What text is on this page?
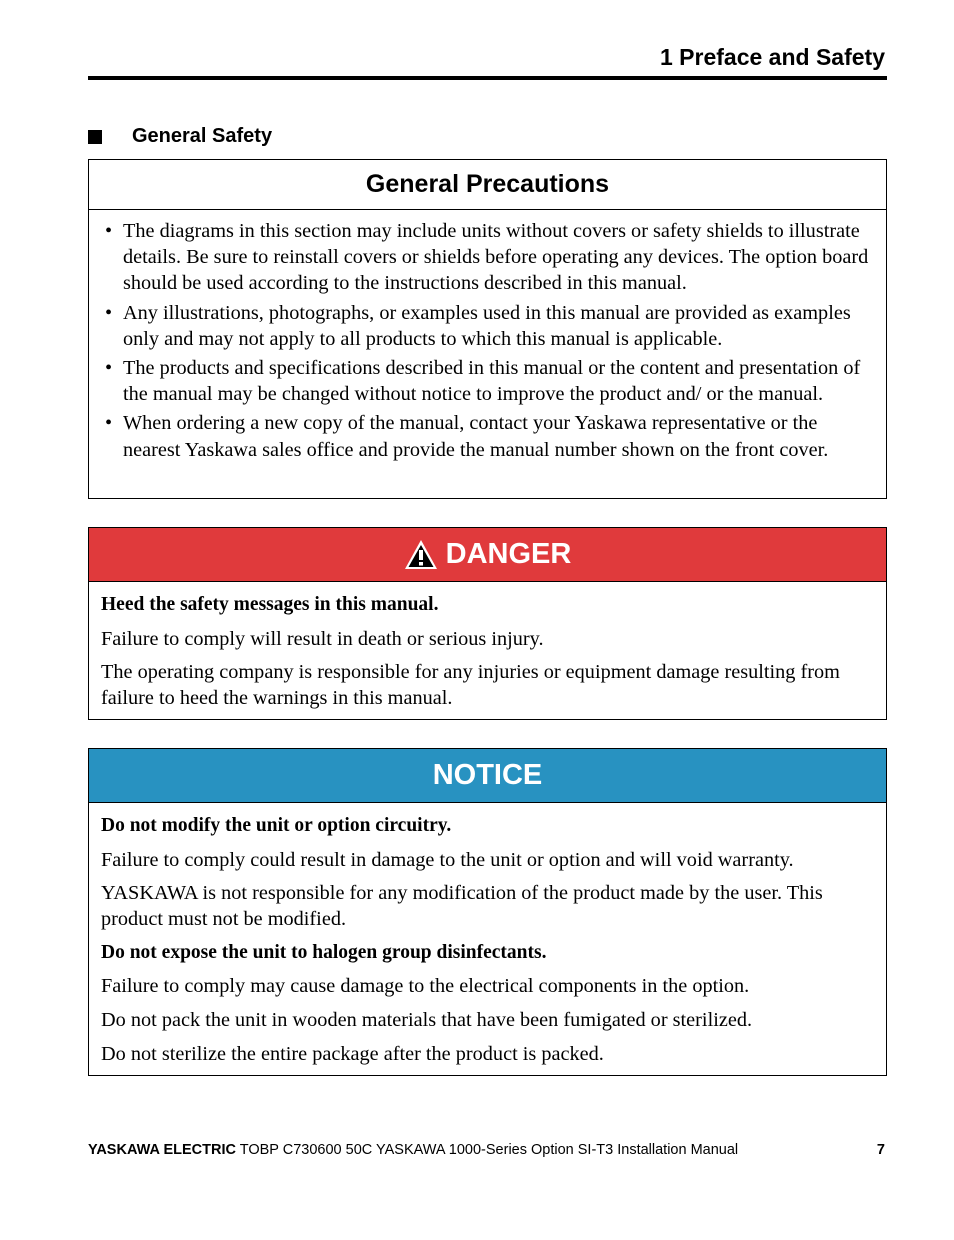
1 Preface and Safety
General Safety
General Precautions
• The diagrams in this section may include units without covers or safety shields to illustrate details. Be sure to reinstall covers or shields before operating any devices. The option board should be used according to the instructions described in this manual.
• Any illustrations, photographs, or examples used in this manual are provided as examples only and may not apply to all products to which this manual is applicable.
• The products and specifications described in this manual or the content and presentation of the manual may be changed without notice to improve the product and/ or the manual.
• When ordering a new copy of the manual, contact your Yaskawa representative or the nearest Yaskawa sales office and provide the manual number shown on the front cover.
DANGER

Heed the safety messages in this manual.

Failure to comply will result in death or serious injury.

The operating company is responsible for any injuries or equipment damage resulting from failure to heed the warnings in this manual.

NOTICE

Do not modify the unit or option circuitry.

Failure to comply could result in damage to the unit or option and will void warranty.

YASKAWA is not responsible for any modification of the product made by the user. This product must not be modified.

Do not expose the unit to halogen group disinfectants.

Failure to comply may cause damage to the electrical components in the option.

Do not pack the unit in wooden materials that have been fumigated or sterilized.

Do not sterilize the entire package after the product is packed.

YASKAWA ELECTRIC TOBP C730600 50C YASKAWA 1000-Series Option SI-T3 Installation Manual	7
